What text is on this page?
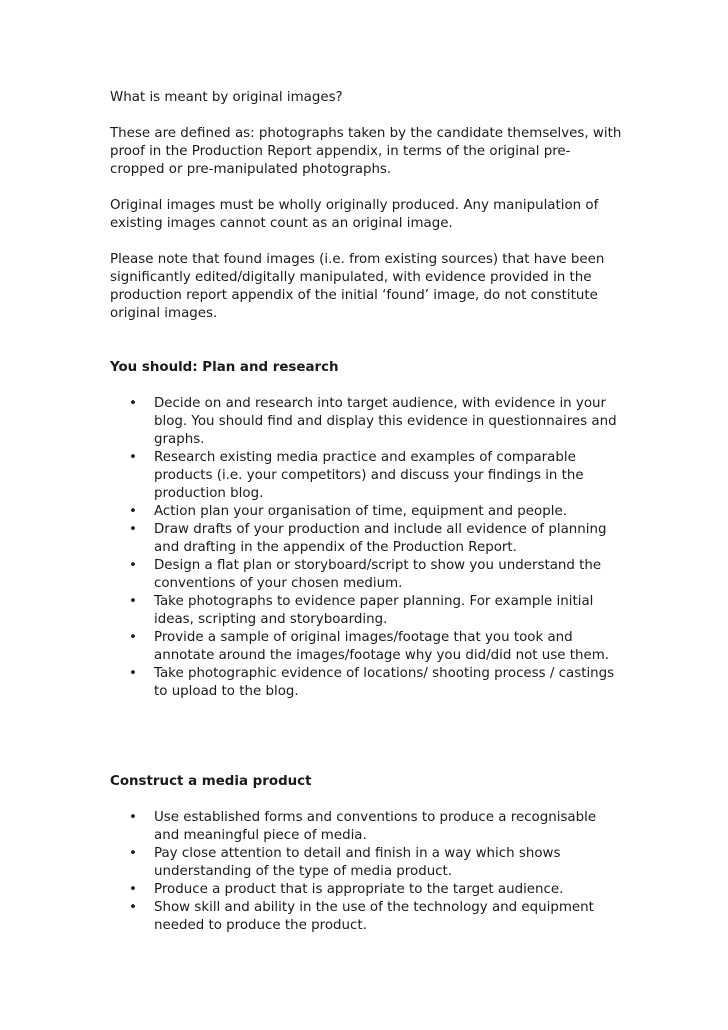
What is meant by original images?

These are defined as: photographs taken by the candidate themselves, with proof in the Production Report appendix, in terms of the original pre-cropped or pre-manipulated photographs.

Original images must be wholly originally produced. Any manipulation of existing images cannot count as an original image.

Please note that found images (i.e. from existing sources) that have been significantly edited/digitally manipulated, with evidence provided in the production report appendix of the initial ‘found’ image, do not constitute original images.

You should: Plan and research

• Decide on and research into target audience, with evidence in your blog. You should find and display this evidence in questionnaires and graphs.
• Research existing media practice and examples of comparable products (i.e. your competitors) and discuss your findings in the production blog.
• Action plan your organisation of time, equipment and people.
• Draw drafts of your production and include all evidence of planning and drafting in the appendix of the Production Report.
• Design a flat plan or storyboard/script to show you understand the conventions of your chosen medium.
• Take photographs to evidence paper planning. For example initial ideas, scripting and storyboarding.
• Provide a sample of original images/footage that you took and annotate around the images/footage why you did/did not use them.
• Take photographic evidence of locations/ shooting process / castings to upload to the blog.

Construct a media product

• Use established forms and conventions to produce a recognisable and meaningful piece of media.
• Pay close attention to detail and finish in a way which shows understanding of the type of media product.
• Produce a product that is appropriate to the target audience.
• Show skill and ability in the use of the technology and equipment needed to produce the product.
